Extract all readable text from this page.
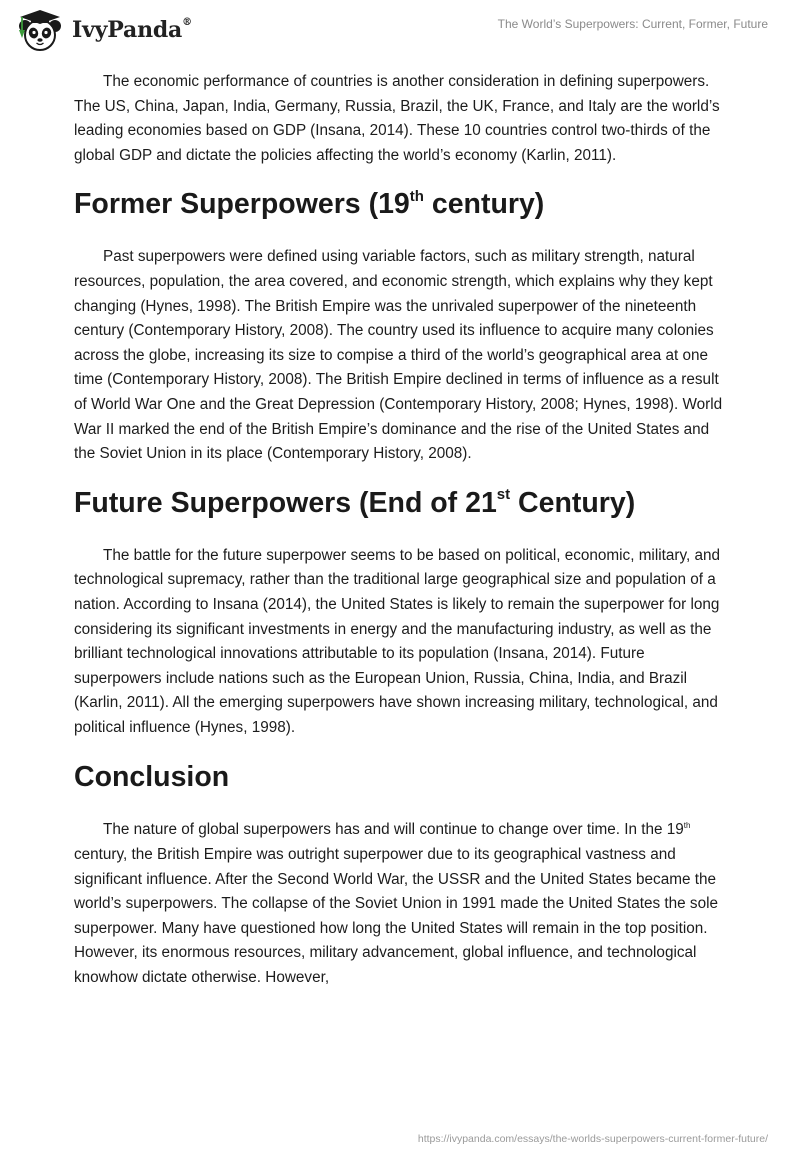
IvyPanda®	The World’s Superpowers: Current, Former, Future

The economic performance of countries is another consideration in defining superpowers. The US, China, Japan, India, Germany, Russia, Brazil, the UK, France, and Italy are the world’s leading economies based on GDP (Insana, 2014). These 10 countries control two-thirds of the global GDP and dictate the policies affecting the world’s economy (Karlin, 2011).

Former Superpowers (19th century)

Past superpowers were defined using variable factors, such as military strength, natural resources, population, the area covered, and economic strength, which explains why they kept changing (Hynes, 1998). The British Empire was the unrivaled superpower of the nineteenth century (Contemporary History, 2008). The country used its influence to acquire many colonies across the globe, increasing its size to compise a third of the world’s geographical area at one time (Contemporary History, 2008). The British Empire declined in terms of influence as a result of World War One and the Great Depression (Contemporary History, 2008; Hynes, 1998). World War II marked the end of the British Empire’s dominance and the rise of the United States and the Soviet Union in its place (Contemporary History, 2008).

Future Superpowers (End of 21st Century)

The battle for the future superpower seems to be based on political, economic, military, and technological supremacy, rather than the traditional large geographical size and population of a nation. According to Insana (2014), the United States is likely to remain the superpower for long considering its significant investments in energy and the manufacturing industry, as well as the brilliant technological innovations attributable to its population (Insana, 2014). Future superpowers include nations such as the European Union, Russia, China, India, and Brazil (Karlin, 2011). All the emerging superpowers have shown increasing military, technological, and political influence (Hynes, 1998).

Conclusion

The nature of global superpowers has and will continue to change over time. In the 19th century, the British Empire was outright superpower due to its geographical vastness and significant influence. After the Second World War, the USSR and the United States became the world’s superpowers. The collapse of the Soviet Union in 1991 made the United States the sole superpower. Many have questioned how long the United States will remain in the top position. However, its enormous resources, military advancement, global influence, and technological knowhow dictate otherwise. However,

https://ivypanda.com/essays/the-worlds-superpowers-current-former-future/
